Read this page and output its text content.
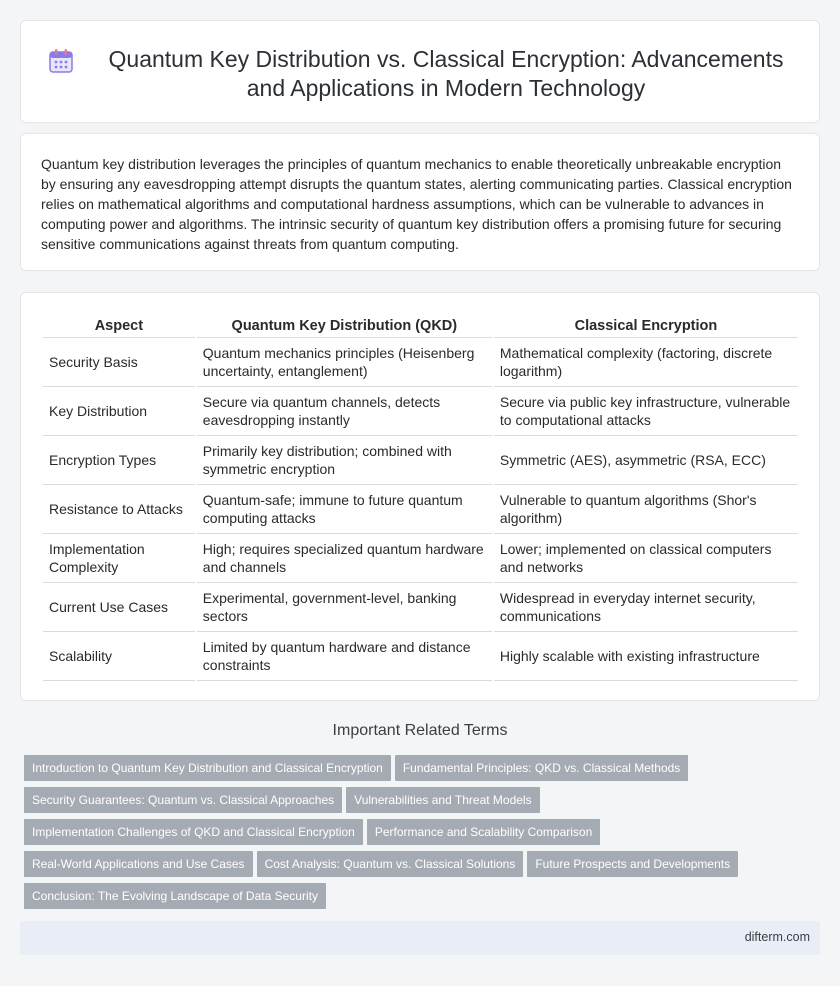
Quantum Key Distribution vs. Classical Encryption: Advancements and Applications in Modern Technology

Quantum key distribution leverages the principles of quantum mechanics to enable theoretically unbreakable encryption by ensuring any eavesdropping attempt disrupts the quantum states, alerting communicating parties. Classical encryption relies on mathematical algorithms and computational hardness assumptions, which can be vulnerable to advances in computing power and algorithms. The intrinsic security of quantum key distribution offers a promising future for securing sensitive communications against threats from quantum computing.

Aspect	Quantum Key Distribution (QKD)	Classical Encryption
Security Basis	Quantum mechanics principles (Heisenberg uncertainty, entanglement)	Mathematical complexity (factoring, discrete logarithm)
Key Distribution	Secure via quantum channels, detects eavesdropping instantly	Secure via public key infrastructure, vulnerable to computational attacks
Encryption Types	Primarily key distribution; combined with symmetric encryption	Symmetric (AES), asymmetric (RSA, ECC)
Resistance to Attacks	Quantum-safe; immune to future quantum computing attacks	Vulnerable to quantum algorithms (Shor's algorithm)
Implementation Complexity	High; requires specialized quantum hardware and channels	Lower; implemented on classical computers and networks
Current Use Cases	Experimental, government-level, banking sectors	Widespread in everyday internet security, communications
Scalability	Limited by quantum hardware and distance constraints	Highly scalable with existing infrastructure
Important Related Terms
Introduction to Quantum Key Distribution and Classical Encryption Fundamental Principles: QKD vs. Classical Methods
Security Guarantees: Quantum vs. Classical Approaches Vulnerabilities and Threat Models
Implementation Challenges of QKD and Classical Encryption Performance and Scalability Comparison
Real-World Applications and Use Cases Cost Analysis: Quantum vs. Classical Solutions Future Prospects and Developments
Conclusion: The Evolving Landscape of Data Security
difterm.com
